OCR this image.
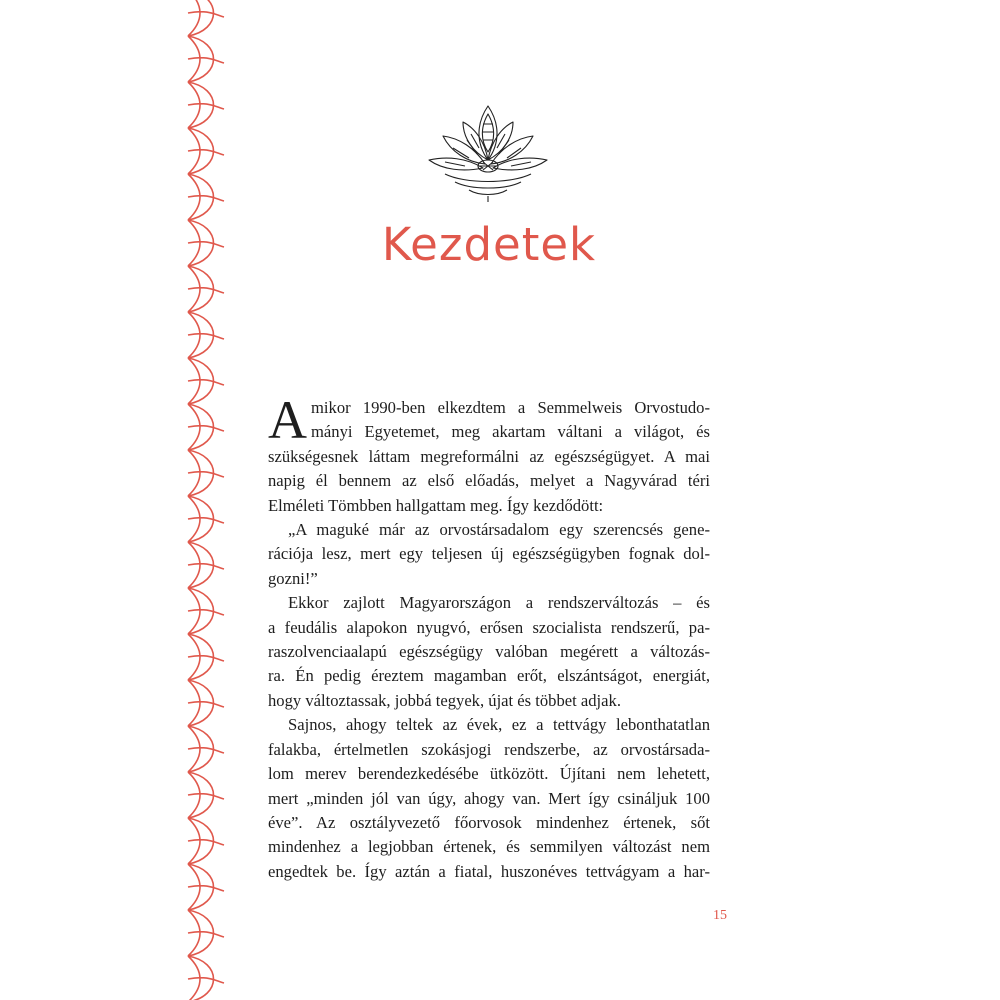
Kezdetek
A mikor 1990-ben elkezdtem a Semmelweis Orvostudo-
mányi Egyetemet, meg akartam váltani a világot, és
szükségesnek láttam megreformálni az egészségügyet. A mai
napig él bennem az első előadás, melyet a Nagyvárad téri
Elméleti Tömbben hallgattam meg. Így kezdődött:
„A maguké már az orvostársadalom egy szerencsés gene-
rációja lesz, mert egy teljesen új egészségügyben fognak dol-
gozni!”
Ekkor zajlott Magyarországon a rendszerváltozás – és
a feudális alapokon nyugvó, erősen szocialista rendszerű, pa-
raszolvenciaalapú egészségügy valóban megérett a változás-
ra. Én pedig éreztem magamban erőt, elszántságot, energiát,
hogy változtassak, jobbá tegyek, újat és többet adjak.
Sajnos, ahogy teltek az évek, ez a tettvágy lebonthatatlan
falakba, értelmetlen szokásjogi rendszerbe, az orvostársada-
lom merev berendezkedésébe ütközött. Újítani nem lehetett,
mert „minden jól van úgy, ahogy van. Mert így csináljuk 100
éve”. Az osztályvezető főorvosok mindenhez értenek, sőt
mindenhez a legjobban értenek, és semmilyen változást nem
engedtek be. Így aztán a fiatal, huszonéves tettvágyam a har-
15
